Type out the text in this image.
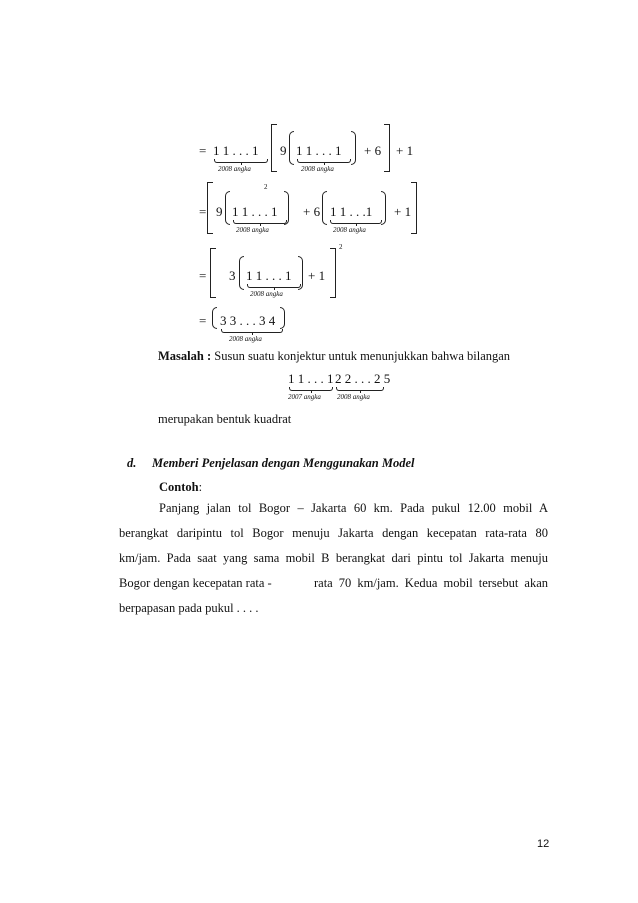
= 1 1 . . . 1
2008 angka
9 1 1 . . . 1
2008 angka
+ 6 + 1
= 9 1 1 . . . 1
2008 angka
2
+ 6 1 1 . . .1
2008 angka
+ 1
= 3 1 1 . . . 1
2008 angka
+ 1
2
= 3 3 . . . 3 4
2008 angka
Masalah : Susun suatu konjektur untuk menunjukkan bahwa bilangan
1 1 . . . 1 2 2 . . . 2 5
2007 angka 2008 angka
merupakan bentuk kuadrat
d. Memberi Penjelasan dengan Menggunakan Model
Contoh:
Panjang jalan tol Bogor – Jakarta 60 km. Pada pukul 12.00 mobil A
berangkat daripintu tol Bogor menuju Jakarta dengan kecepatan rata-rata 80
km/jam. Pada saat yang sama mobil B berangkat dari pintu tol Jakarta menuju
Bogor dengan kecepatan rata -	rata 70 km/jam. Kedua mobil tersebut akan
berpapasan pada pukul . . . .
12
